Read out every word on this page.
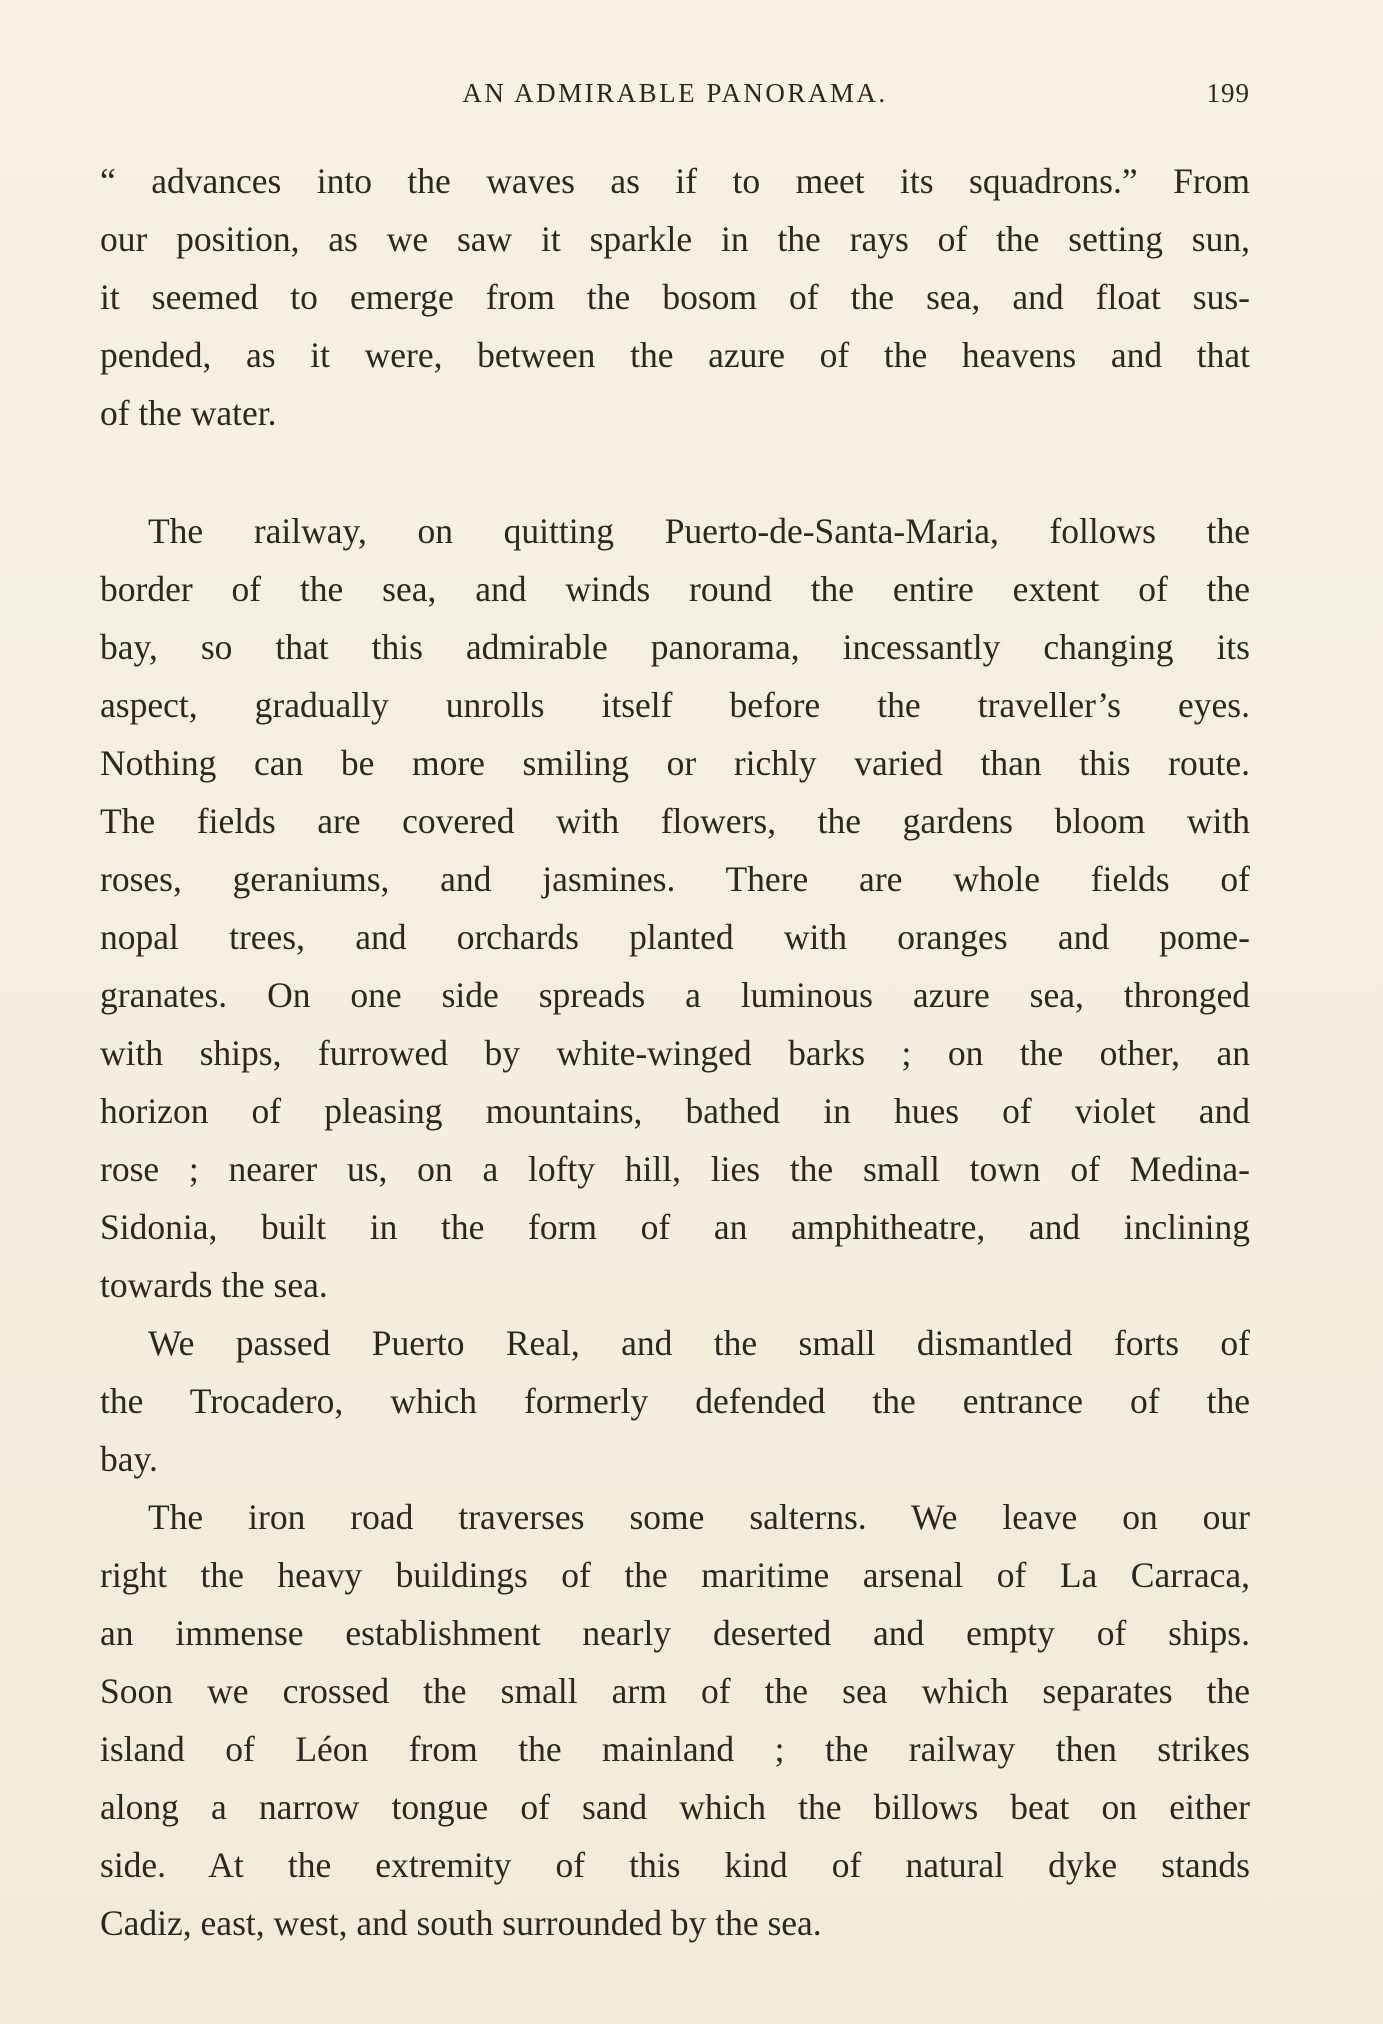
AN ADMIRABLE PANORAMA.	199
“ advances into the waves as if to meet its squadrons.” From
our position, as we saw it sparkle in the rays of the setting sun,
it seemed to emerge from the bosom of the sea, and float sus-
pended, as it were, between the azure of the heavens and that
of the water.
The railway, on quitting Puerto-de-Santa-Maria, follows the
border of the sea, and winds round the entire extent of the
bay, so that this admirable panorama, incessantly changing its
aspect, gradually unrolls itself before the traveller’s eyes.
Nothing can be more smiling or richly varied than this route.
The fields are covered with flowers, the gardens bloom with
roses, geraniums, and jasmines. There are whole fields of
nopal trees, and orchards planted with oranges and pome-
granates. On one side spreads a luminous azure sea, thronged
with ships, furrowed by white-winged barks ; on the other, an
horizon of pleasing mountains, bathed in hues of violet and
rose ; nearer us, on a lofty hill, lies the small town of Medina-
Sidonia, built in the form of an amphitheatre, and inclining
towards the sea.
We passed Puerto Real, and the small dismantled forts of
the Trocadero, which formerly defended the entrance of the
bay.
The iron road traverses some salterns. We leave on our
right the heavy buildings of the maritime arsenal of La Carraca,
an immense establishment nearly deserted and empty of ships.
Soon we crossed the small arm of the sea which separates the
island of Léon from the mainland ; the railway then strikes
along a narrow tongue of sand which the billows beat on either
side. At the extremity of this kind of natural dyke stands
Cadiz, east, west, and south surrounded by the sea.
